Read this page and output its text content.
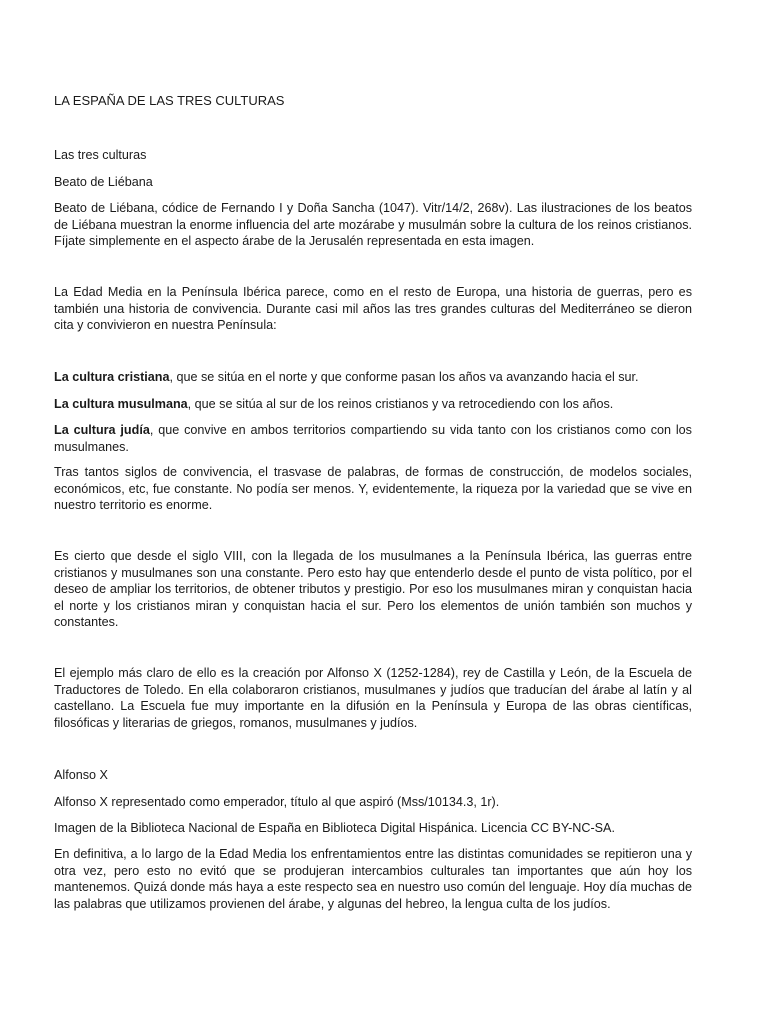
LA ESPAÑA DE LAS TRES CULTURAS

Las tres culturas

Beato de Liébana

Beato de Liébana, códice de Fernando I y Doña Sancha (1047). Vitr/14/2, 268v). Las ilustraciones de los beatos de Liébana muestran la enorme influencia del arte mozárabe y musulmán sobre la cultura de los reinos cristianos. Fíjate simplemente en el aspecto árabe de la Jerusalén representada en esta imagen.

La Edad Media en la Península Ibérica parece, como en el resto de Europa, una historia de guerras, pero es también una historia de convivencia. Durante casi mil años las tres grandes culturas del Mediterráneo se dieron cita y convivieron en nuestra Península:

La cultura cristiana, que se sitúa en el norte y que conforme pasan los años va avanzando hacia el sur.

La cultura musulmana, que se sitúa al sur de los reinos cristianos y va retrocediendo con los años.

La cultura judía, que convive en ambos territorios compartiendo su vida tanto con los cristianos como con los musulmanes.

Tras tantos siglos de convivencia, el trasvase de palabras, de formas de construcción, de modelos sociales, económicos, etc, fue constante. No podía ser menos. Y, evidentemente, la riqueza por la variedad que se vive en nuestro territorio es enorme.

Es cierto que desde el siglo VIII, con la llegada de los musulmanes a la Península Ibérica, las guerras entre cristianos y musulmanes son una constante. Pero esto hay que entenderlo desde el punto de vista político, por el deseo de ampliar los territorios, de obtener tributos y prestigio. Por eso los musulmanes miran y conquistan hacia el norte y los cristianos miran y conquistan hacia el sur. Pero los elementos de unión también son muchos y constantes.

El ejemplo más claro de ello es la creación por Alfonso X (1252-1284), rey de Castilla y León, de la Escuela de Traductores de Toledo. En ella colaboraron cristianos, musulmanes y judíos que traducían del árabe al latín y al castellano. La Escuela fue muy importante en la difusión en la Península y Europa de las obras científicas, filosóficas y literarias de griegos, romanos, musulmanes y judíos.

Alfonso X

Alfonso X representado como emperador, título al que aspiró (Mss/10134.3, 1r).

Imagen de la Biblioteca Nacional de España en Biblioteca Digital Hispánica. Licencia CC BY-NC-SA.

En definitiva, a lo largo de la Edad Media los enfrentamientos entre las distintas comunidades se repitieron una y otra vez, pero esto no evitó que se produjeran intercambios culturales tan importantes que aún hoy los mantenemos. Quizá donde más haya a este respecto sea en nuestro uso común del lenguaje. Hoy día muchas de las palabras que utilizamos provienen del árabe, y algunas del hebreo, la lengua culta de los judíos.
